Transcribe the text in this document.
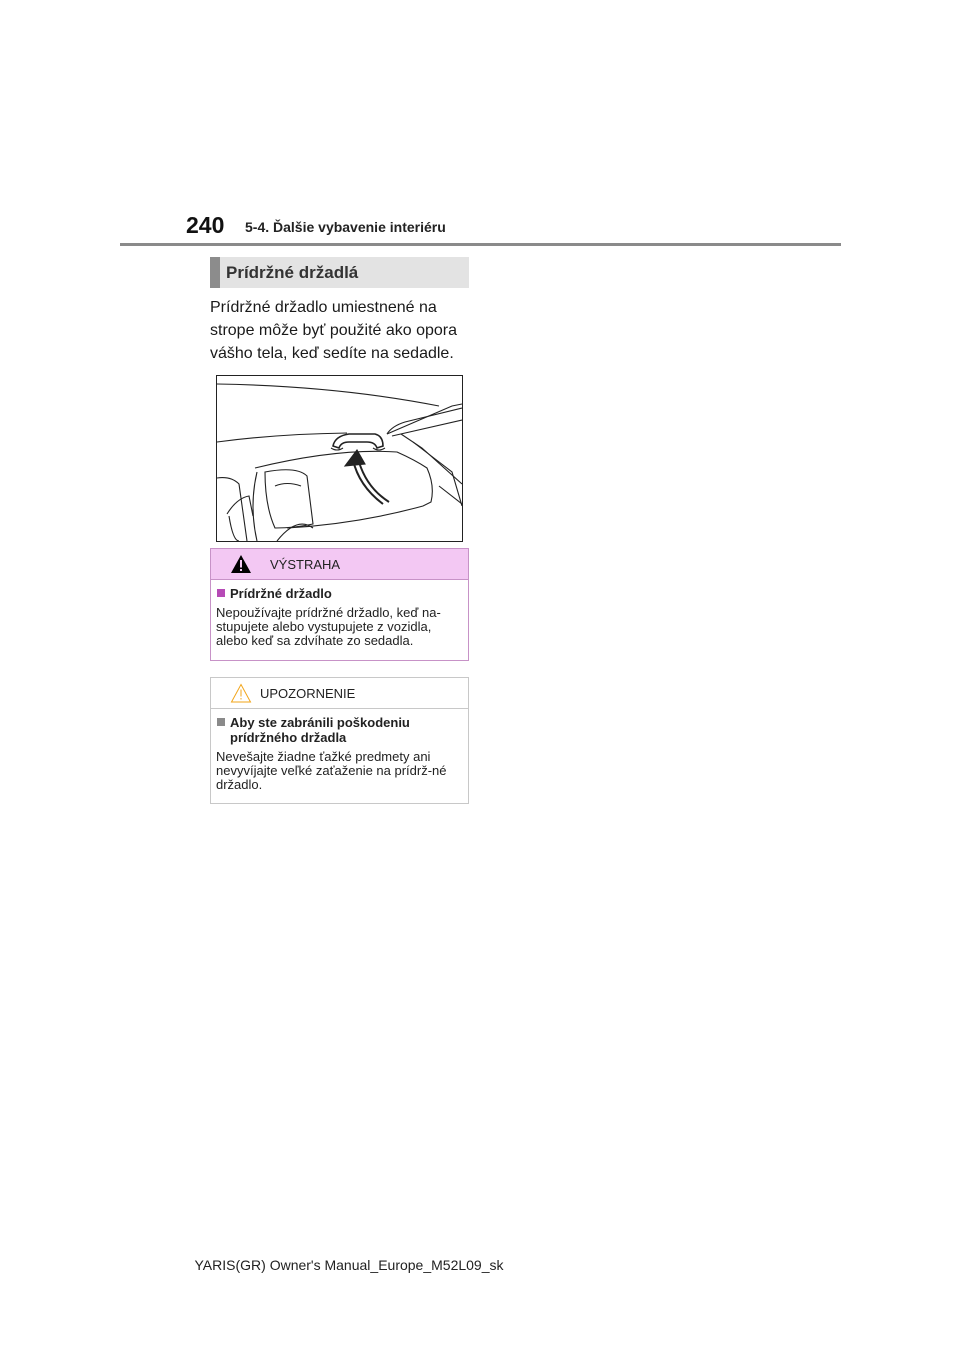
240 5-4. Ďalšie vybavenie interiéru
Prídržné držadlá

Prídržné držadlo umiestnené na strope môže byť použité ako opora vášho tela, keď sedíte na sedadle.

VÝSTRAHA
Prídržné držadlo

Nepoužívajte prídržné držadlo, keď na-stupujete alebo vystupujete z vozidla, alebo keď sa zdvíhate zo sedadla.

UPOZORNENIE
Aby ste zabránili poškodeniu prídržného držadla

Nevešajte žiadne ťažké predmety ani nevyvíjajte veľké zaťaženie na prídrž-né držadlo.

YARIS(GR) Owner's Manual_Europe_M52L09_sk
